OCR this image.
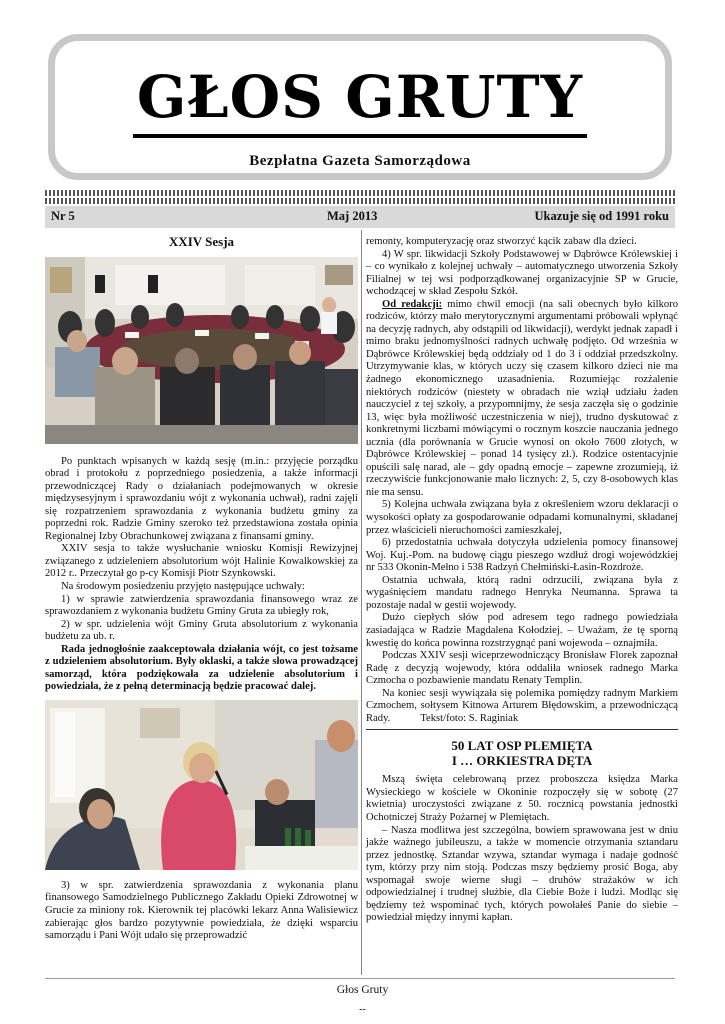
GŁOS GRUTY
Bezpłatna Gazeta Samorządowa
Nr 5	Maj 2013	Ukazuje się od 1991 roku
XXIV Sesja

Po punktach wpisanych w każdą sesję (m.in.: przyjęcie porządku obrad i protokołu z poprzedniego posiedzenia, a także informacji przewodniczącej Rady o działaniach podejmowanych w okresie międzysesyjnym i sprawozdaniu wójt z wykonania uchwał), radni zajęli się rozpatrzeniem sprawozdania z wykonania budżetu gminy za poprzedni rok. Radzie Gminy szeroko też przedstawiona została opinia Regionalnej Izby Obrachunkowej związana z finansami gminy.

XXIV sesja to także wysłuchanie wniosku Komisji Rewizyjnej związanego z udzieleniem absolutorium wójt Halinie Kowalkowskiej za 2012 r.. Przeczytał go p-cy Komisji Piotr Szynkowski.

Na środowym posiedzeniu przyjęto następujące uchwały:

1) w sprawie zatwierdzenia sprawozdania finansowego wraz ze sprawozdaniem z wykonania budżetu Gminy Gruta za ubiegły rok,

2) w spr. udzielenia wójt Gminy Gruta absolutorium z wykonania budżetu za ub. r.

Rada jednogłośnie zaakceptowała działania wójt, co jest tożsame z udzieleniem absolutorium. Były oklaski, a także słowa prowadzącej samorząd, która podziękowała za udzielenie absolutorium i powiedziała, że z pełną determinacją będzie pracować dalej.

3) w spr. zatwierdzenia sprawozdania z wykonania planu finansowego Samodzielnego Publicznego Zakładu Opieki Zdrowotnej w Grucie za miniony rok. Kierownik tej placówki lekarz Anna Walisiewicz zabierając głos bardzo pozytywnie powiedziała, że dzięki wsparciu samorządu i Pani Wójt udało się przeprowadzić

remonty, komputeryzację oraz stworzyć kącik zabaw dla dzieci.

4) W spr. likwidacji Szkoły Podstawowej w Dąbrówce Królewskiej i – co wynikało z kolejnej uchwały – automatycznego utworzenia Szkoły Filialnej w tej wsi podporządkowanej organizacyjnie SP w Grucie, wchodzącej w skład Zespołu Szkół.

Od redakcji: mimo chwil emocji (na sali obecnych było kilkoro rodziców, którzy mało merytorycznymi argumentami próbowali wpłynąć na decyzję radnych, aby odstąpili od likwidacji), werdykt jednak zapadł i mimo braku jednomyślności radnych uchwałę podjęto. Od września w Dąbrówce Królewskiej będą oddziały od 1 do 3 i oddział przedszkolny. Utrzymywanie klas, w których uczy się czasem kilkoro dzieci nie ma żadnego ekonomicznego uzasadnienia. Rozumiejąc rozżalenie niektórych rodziców (niestety w obradach nie wziął udziału żaden nauczyciel z tej szkoły, a przypomnijmy, że sesja zaczęła się o godzinie 13, więc była możliwość uczestniczenia w niej), trudno dyskutować z konkretnymi liczbami mówiącymi o rocznym koszcie nauczania jednego ucznia (dla porównania w Grucie wynosi on około 7600 złotych, w Dąbrówce Królewskiej – ponad 14 tysięcy zł.). Rodzice ostentacyjnie opuścili salę narad, ale – gdy opadną emocje – zapewne zrozumieją, iż rzeczywiście funkcjonowanie mało licznych: 2, 5, czy 8-osobowych klas nie ma sensu.

5) Kolejna uchwała związana była z określeniem wzoru deklaracji o wysokości opłaty za gospodarowanie odpadami komunalnymi, składanej przez właścicieli nieruchomości zamieszkałej,

6) przedostatnia uchwała dotyczyła udzielenia pomocy finansowej Woj. Kuj.-Pom. na budowę ciągu pieszego wzdłuż drogi wojewódzkiej nr 533 Okonin-Mełno i 538 Radzyń Chełmiński-Łasin-Rozdroże.

Ostatnia uchwała, którą radni odrzucili, związana była z wygaśnięciem mandatu radnego Henryka Neumanna. Sprawa ta pozostaje nadal w gestii wojewody.

Dużo ciepłych słów pod adresem tego radnego powiedziała zasiadająca w Radzie Magdalena Kołodziej. – Uważam, że tę sporną kwestię do końca powinna rozstrzygnąć pani wojewoda – oznajmiła.

Podczas XXIV sesji wiceprzewodniczący Bronisław Florek zapoznał Radę z decyzją wojewody, która oddaliła wniosek radnego Marka Czmocha o pozbawienie mandatu Renaty Templin.

Na koniec sesji wywiązała się polemika pomiędzy radnym Markiem Czmochem, sołtysem Kitnowa Arturem Błędowskim, a przewodniczącą Rady.	Tekst/foto: S. Raginiak

50 LAT OSP PLEMIĘTA
I … ORKIESTRA DĘTA

Mszą święta celebrowaną przez proboszcza księdza Marka Wysieckiego w kościele w Okoninie rozpoczęły się w sobotę (27 kwietnia) uroczystości związane z 50. rocznicą powstania jednostki Ochotniczej Straży Pożarnej w Plemiętach.

– Nasza modlitwa jest szczególna, bowiem sprawowana jest w dniu jakże ważnego jubileuszu, a także w momencie otrzymania sztandaru przez jednostkę. Sztandar wzywa, sztandar wymaga i nadaje godność tym, którzy przy nim stoją. Podczas mszy będziemy prosić Boga, aby wspomagał swoje wierne sługi – druhów strażaków w ich odpowiedzialnej i trudnej służbie, dla Ciebie Boże i ludzi. Modląc się będziemy też wspominać tych, których powołałeś Panie do siebie – powiedział między innymi kapłan.

Głos Gruty
--
